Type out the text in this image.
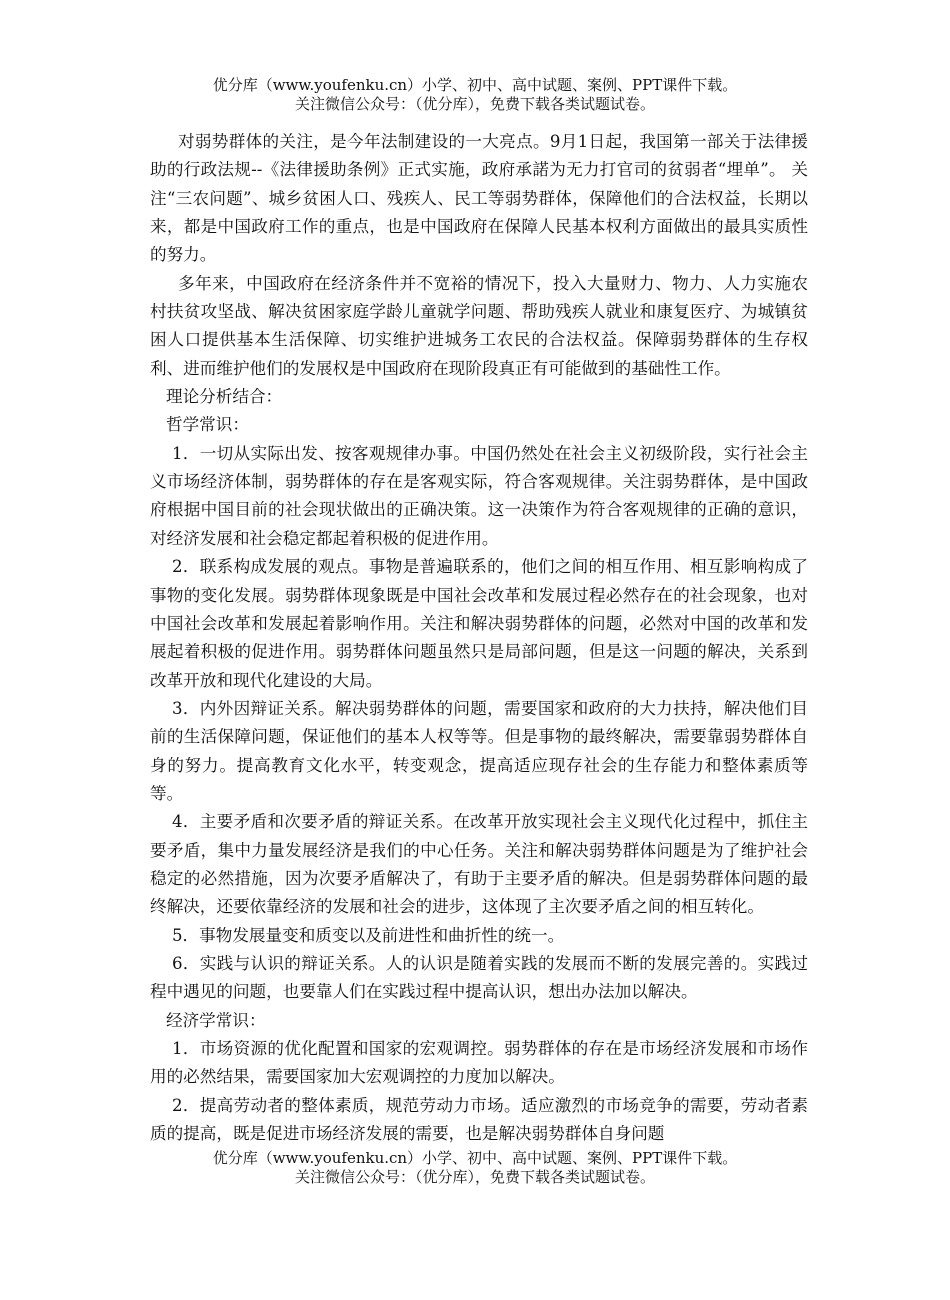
优分库（www.youfenku.cn）小学、初中、高中试题、案例、PPT课件下载。
关注微信公众号：（优分库），免费下载各类试题试卷。

对弱势群体的关注，是今年法制建设的一大亮点。9月1日起，我国第一部关于法律援助的行政法规--《法律援助条例》正式实施，政府承諾为无力打官司的贫弱者“埋单”。 关注“三农问题”、城乡贫困人口、残疾人、民工等弱势群体，保障他们的合法权益，长期以来，都是中国政府工作的重点，也是中国政府在保障人民基本权利方面做出的最具实质性的努力。

多年来，中国政府在经济条件并不宽裕的情况下，投入大量财力、物力、人力实施农村扶贫攻坚战、解决贫困家庭学龄儿童就学问题、帮助残疾人就业和康复医疗、为城镇贫困人口提供基本生活保障、切实维护进城务工农民的合法权益。保障弱势群体的生存权利、进而维护他们的发展权是中国政府在现阶段真正有可能做到的基础性工作。

理论分析结合：

哲学常识：

1．一切从实际出发、按客观规律办事。中国仍然处在社会主义初级阶段，实行社会主义市场经济体制，弱势群体的存在是客观实际，符合客观规律。关注弱势群体，是中国政府根据中国目前的社会现状做出的正确决策。这一决策作为符合客观规律的正确的意识，对经济发展和社会稳定都起着积极的促进作用。

2．联系构成发展的观点。事物是普遍联系的，他们之间的相互作用、相互影响构成了事物的变化发展。弱势群体现象既是中国社会改革和发展过程必然存在的社会现象，也对中国社会改革和发展起着影响作用。关注和解决弱势群体的问题，必然对中国的改革和发展起着积极的促进作用。弱势群体问题虽然只是局部问题，但是这一问题的解决，关系到改革开放和现代化建设的大局。

3．内外因辩证关系。解决弱势群体的问题，需要国家和政府的大力扶持，解决他们目前的生活保障问题，保证他们的基本人权等等。但是事物的最终解决，需要靠弱势群体自身的努力。提高教育文化水平，转变观念，提高适应现存社会的生存能力和整体素质等等。

4．主要矛盾和次要矛盾的辩证关系。在改革开放实现社会主义现代化过程中，抓住主要矛盾，集中力量发展经济是我们的中心任务。关注和解决弱势群体问题是为了维护社会稳定的必然措施，因为次要矛盾解决了，有助于主要矛盾的解决。但是弱势群体问题的最终解决，还要依靠经济的发展和社会的进步，这体现了主次要矛盾之间的相互转化。

5．事物发展量变和质变以及前进性和曲折性的统一。

6．实践与认识的辩证关系。人的认识是随着实践的发展而不断的发展完善的。实践过程中遇见的问题，也要靠人们在实践过程中提高认识，想出办法加以解决。

经济学常识：

1．市场资源的优化配置和国家的宏观调控。弱势群体的存在是市场经济发展和市场作用的必然结果，需要国家加大宏观调控的力度加以解决。

2．提高劳动者的整体素质，规范劳动力市场。适应激烈的市场竞争的需要，劳动者素质的提高，既是促进市场经济发展的需要，也是解决弱势群体自身问题

优分库（www.youfenku.cn）小学、初中、高中试题、案例、PPT课件下载。
关注微信公众号：（优分库），免费下载各类试题试卷。
